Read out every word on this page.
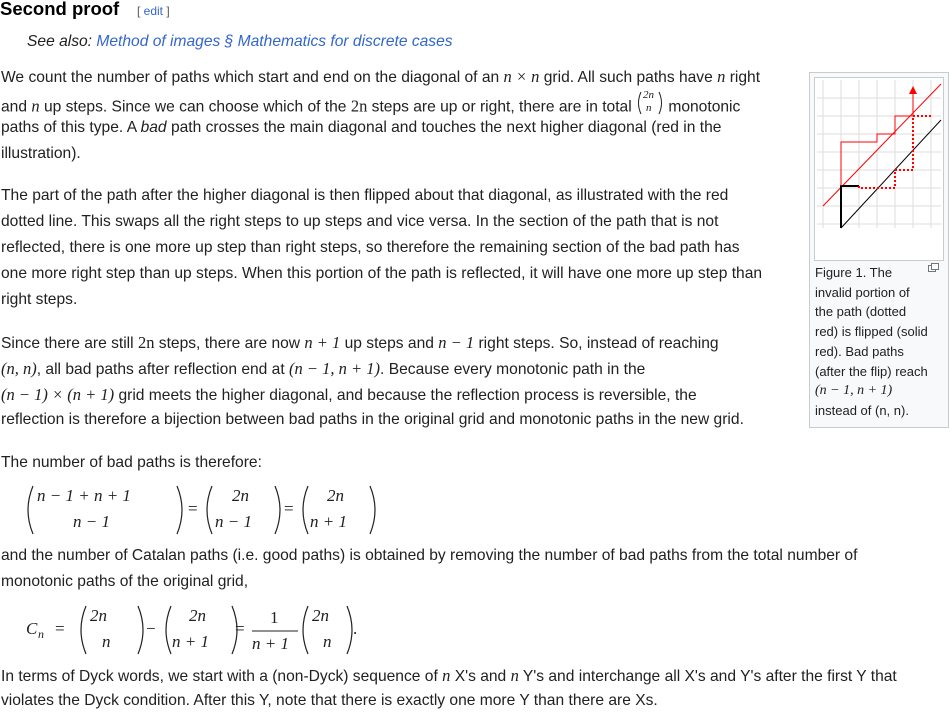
Second proof [ edit ]
See also: Method of images § Mathematics for discrete cases
We count the number of paths which start and end on the diagonal of an n × n grid. All such paths have n right
and n up steps. Since we can choose which of the 2n steps are up or right, there are in total
2n
n monotonic
paths of this type. A bad path crosses the main diagonal and touches the next higher diagonal (red in the
illustration).
The part of the path after the higher diagonal is then flipped about that diagonal, as illustrated with the red
dotted line. This swaps all the right steps to up steps and vice versa. In the section of the path that is not
reflected, there is one more up step than right steps, so therefore the remaining section of the bad path has
one more right step than up steps. When this portion of the path is reflected, it will have one more up step than
right steps.
Since there are still 2n steps, there are now n + 1 up steps and n − 1 right steps. So, instead of reaching
(n, n), all bad paths after reflection end at (n − 1, n + 1). Because every monotonic path in the
(n − 1) × (n + 1) grid meets the higher diagonal, and because the reflection process is reversible, the
reflection is therefore a bijection between bad paths in the original grid and monotonic paths in the new grid.
The number of bad paths is therefore:
n − 1 + n + 1
n − 1
=
2n
n − 1
=
2n
n + 1
and the number of Catalan paths (i.e. good paths) is obtained by removing the number of bad paths from the total number of
monotonic paths of the original grid,
C n =
2n
n
−
2n
n + 1
=
1
n + 1
2n
n
.
In terms of Dyck words, we start with a (non-Dyck) sequence of n X's and n Y's and interchange all X's and Y's after the first Y that
violates the Dyck condition. After this Y, note that there is exactly one more Y than there are Xs.
Figure 1. The
invalid portion of
the path (dotted
red) is flipped (solid
red). Bad paths
(after the flip) reach
(n − 1, n + 1)
instead of (n, n).
